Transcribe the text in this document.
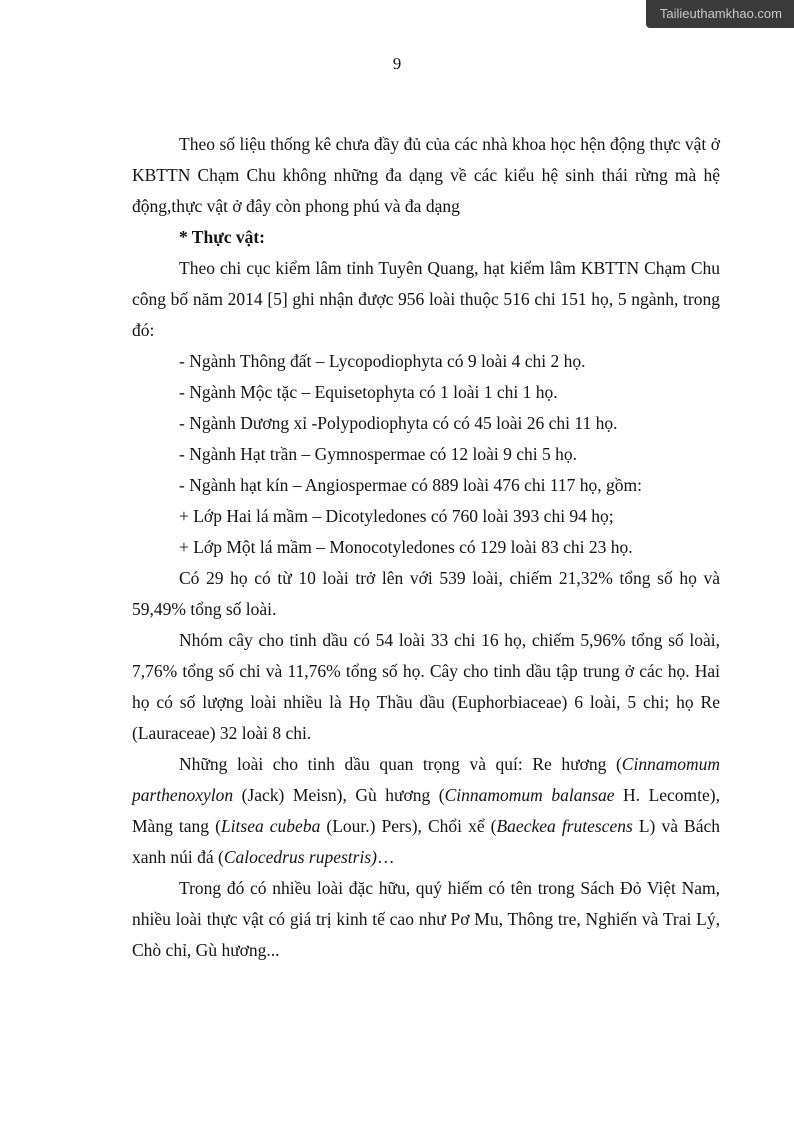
Tailieuthamkhao.com
9

Theo số liệu thống kê chưa đầy đủ của các nhà khoa học hện động thực vật ở KBTTN Chạm Chu không những đa dạng về các kiểu hệ sinh thái rừng mà hệ động,thực vật ở đây còn phong phú và đa dạng

* Thực vật:

Theo chi cục kiểm lâm tỉnh Tuyên Quang, hạt kiểm lâm KBTTN Chạm Chu công bố năm 2014 [5] ghi nhận được 956 loài thuộc 516 chi 151 họ, 5 ngành, trong đó:

- Ngành Thông đất – Lycopodiophyta có 9 loài 4 chi 2 họ.

- Ngành Mộc tặc – Equisetophyta có 1 loài 1 chi 1 họ.

- Ngành Dương xỉ -Polypodiophyta có có 45 loài 26 chi 11 họ.

- Ngành Hạt trần – Gymnospermae có 12 loài 9 chi 5 họ.

- Ngành hạt kín – Angiospermae có 889 loài 476 chi 117 họ, gồm:

+ Lớp Hai lá mầm – Dicotyledones có 760 loài 393 chi 94 họ;

+ Lớp Một lá mầm – Monocotyledones có 129 loài 83 chi 23 họ.

Có 29 họ có từ 10 loài trở lên với 539 loài, chiếm 21,32% tổng số họ và 59,49% tổng số loài.

Nhóm cây cho tinh dầu có 54 loài 33 chi 16 họ, chiếm 5,96% tổng số loài, 7,76% tổng số chi và 11,76% tổng số họ. Cây cho tinh dầu tập trung ở các họ. Hai họ có số lượng loài nhiều là Họ Thầu dầu (Euphorbiaceae) 6 loài, 5 chi; họ Re (Lauraceae) 32 loài 8 chi.

Những loài cho tinh dầu quan trọng và quí: Re hương (Cinnamomum parthenoxylon (Jack) Meisn), Gù hương (Cinnamomum balansae H. Lecomte), Màng tang (Litsea cubeba (Lour.) Pers), Chổi xể (Baeckea frutescens L) và Bách xanh núi đá (Calocedrus rupestris)…

Trong đó có nhiều loài đặc hữu, quý hiếm có tên trong Sách Đỏ Việt Nam, nhiều loài thực vật có giá trị kinh tế cao như Pơ Mu, Thông tre, Nghiến và Trai Lý, Chò chỉ, Gù hương...
